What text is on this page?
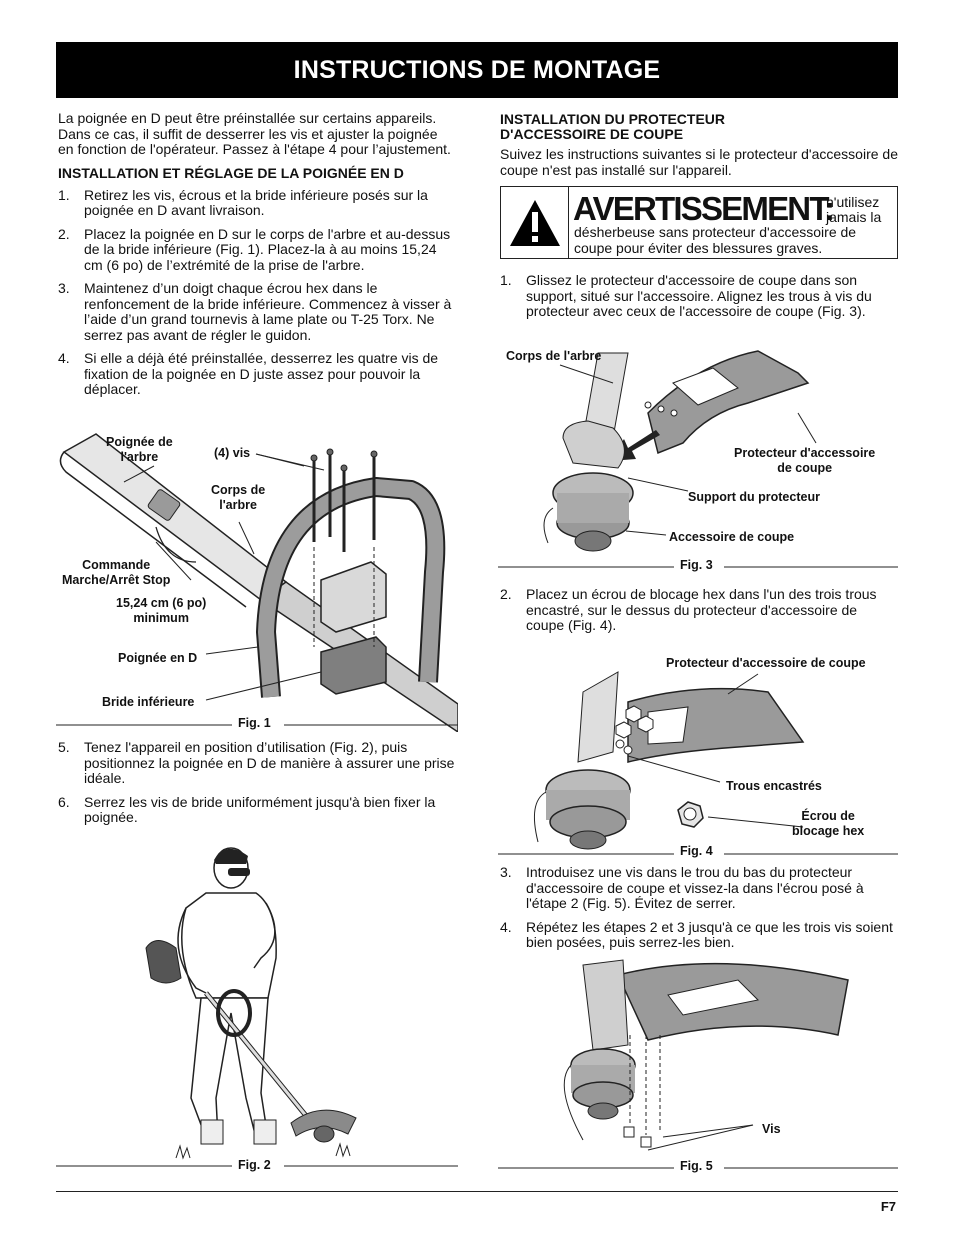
INSTRUCTIONS DE MONTAGE
La poignée en D peut être préinstallée sur certains appareils. Dans ce cas, il suffit de desserrer les vis et ajuster la poignée en fonction de l'opérateur. Passez à l'étape 4 pour l’ajustement.
INSTALLATION ET RÉGLAGE DE LA POIGNÉE EN D
1. Retirez les vis, écrous et la bride inférieure posés sur la poignée en D avant livraison.
2. Placez la poignée en D sur le corps de l'arbre et au-dessus de la bride inférieure (Fig. 1). Placez-la à au moins 15,24 cm (6 po) de l’extrémité de la prise de l'arbre.
3. Maintenez d’un doigt chaque écrou hex dans le renfoncement de la bride inférieure. Commencez à visser à l’aide d’un grand tournevis à lame plate ou T-25 Torx. Ne serrez pas avant de régler le guidon.
4. Si elle a déjà été préinstallée, desserrez les quatre vis de fixation de la poignée en D juste assez pour pouvoir la déplacer.
Poignée de
l'arbre	(4) vis
Corps de
l'arbre
Commande
Marche/Arrêt Stop
15,24 cm (6 po)
minimum
Poignée en D
Bride inférieure
Fig. 1
5. Tenez l'appareil en position d’utilisation (Fig. 2), puis positionnez la poignée en D de manière à assurer une prise idéale.
6. Serrez les vis de bride uniformément jusqu'à bien fixer la poignée.
Fig. 2
INSTALLATION DU PROTECTEUR
D'ACCESSOIRE DE COUPE
Suivez les instructions suivantes si le protecteur d'accessoire de coupe n'est pas installé sur l'appareil.
AVERTISSEMENT:
n'utilisez
jamais la
désherbeuse sans protecteur d'accessoire de coupe pour éviter des blessures graves.
1. Glissez le protecteur d'accessoire de coupe dans son support, situé sur l'accessoire. Alignez les trous à vis du protecteur avec ceux de l'accessoire de coupe (Fig. 3).
Corps de l'arbre
Protecteur d'accessoire
de coupe
Support du protecteur
Accessoire de coupe
Fig. 3
2. Placez un écrou de blocage hex dans l'un des trois trous encastré, sur le dessus du protecteur d'accessoire de coupe (Fig. 4).
Protecteur d'accessoire de coupe
Trous encastrés
Écrou de
blocage hex
Fig. 4
3. Introduisez une vis dans le trou du bas du protecteur d'accessoire de coupe et vissez-la dans l'écrou posé à l'étape 2 (Fig. 5). Évitez de serrer.
4. Répétez les étapes 2 et 3 jusqu'à ce que les trois vis soient bien posées, puis serrez-les bien.
Vis
Fig. 5
F7
